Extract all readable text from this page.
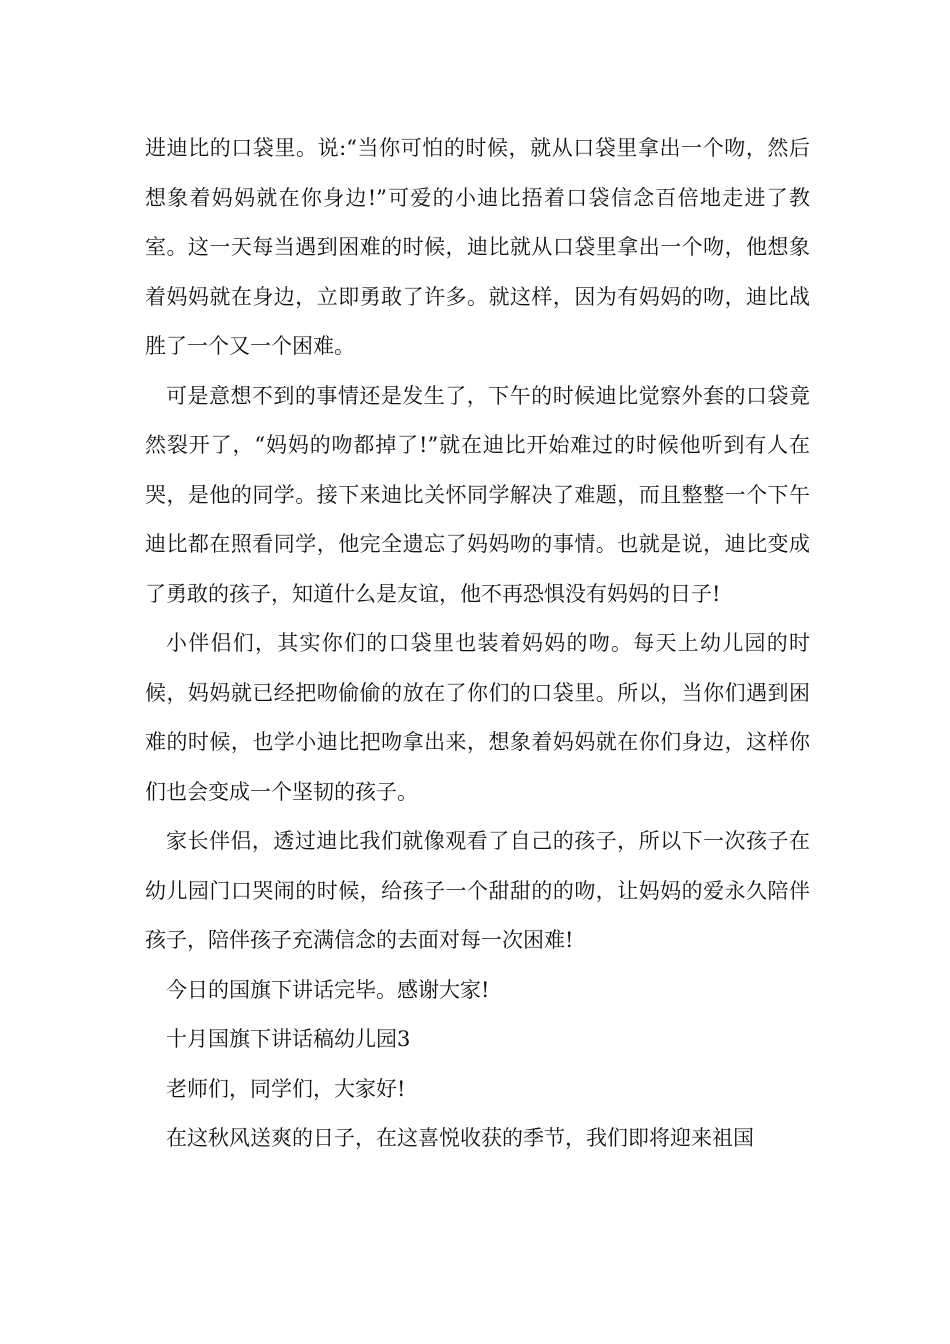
进迪比的口袋里。说:“当你可怕的时候，就从口袋里拿出一个吻，然后想象着妈妈就在你身边!”可爱的小迪比捂着口袋信念百倍地走进了教室。这一天每当遇到困难的时候，迪比就从口袋里拿出一个吻，他想象着妈妈就在身边，立即勇敢了许多。就这样，因为有妈妈的吻，迪比战胜了一个又一个困难。

可是意想不到的事情还是发生了，下午的时候迪比觉察外套的口袋竟然裂开了，“妈妈的吻都掉了!”就在迪比开始难过的时候他听到有人在哭，是他的同学。接下来迪比关怀同学解决了难题，而且整整一个下午迪比都在照看同学，他完全遗忘了妈妈吻的事情。也就是说，迪比变成了勇敢的孩子，知道什么是友谊，他不再恐惧没有妈妈的日子!

小伴侣们，其实你们的口袋里也装着妈妈的吻。每天上幼儿园的时候，妈妈就已经把吻偷偷的放在了你们的口袋里。所以，当你们遇到困难的时候，也学小迪比把吻拿出来，想象着妈妈就在你们身边，这样你们也会变成一个坚韧的孩子。

家长伴侣，透过迪比我们就像观看了自己的孩子，所以下一次孩子在幼儿园门口哭闹的时候，给孩子一个甜甜的的吻，让妈妈的爱永久陪伴孩子，陪伴孩子充满信念的去面对每一次困难!

今日的国旗下讲话完毕。感谢大家!

十月国旗下讲话稿幼儿园3

老师们，同学们，大家好!

在这秋风送爽的日子，在这喜悦收获的季节，我们即将迎来祖国
